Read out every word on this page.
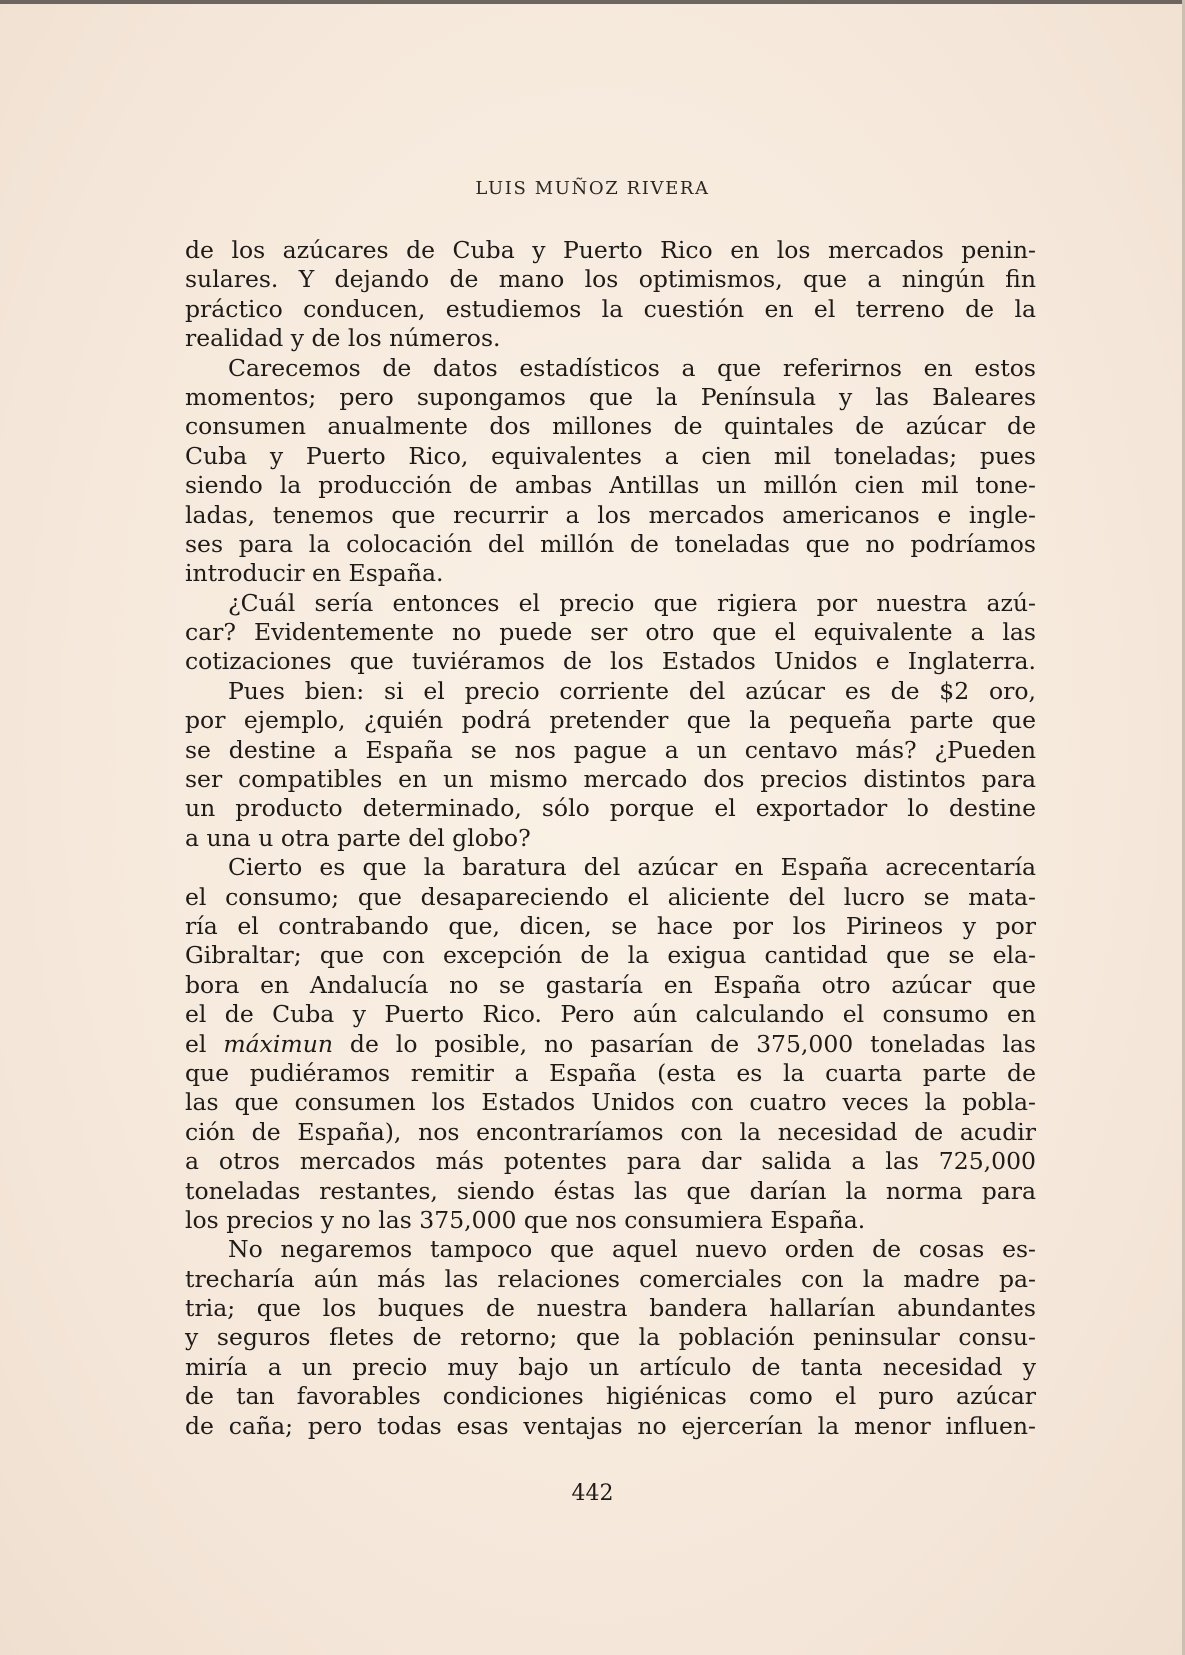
LUIS MUÑOZ RIVERA
de los azúcares de Cuba y Puerto Rico en los mercados penin-
sulares. Y dejando de mano los optimismos, que a ningún fin
práctico conducen, estudiemos la cuestión en el terreno de la
realidad y de los números.
Carecemos de datos estadísticos a que referirnos en estos
momentos; pero supongamos que la Península y las Baleares
consumen anualmente dos millones de quintales de azúcar de
Cuba y Puerto Rico, equivalentes a cien mil toneladas; pues
siendo la producción de ambas Antillas un millón cien mil tone-
ladas, tenemos que recurrir a los mercados americanos e ingle-
ses para la colocación del millón de toneladas que no podríamos
introducir en España.
¿Cuál sería entonces el precio que rigiera por nuestra azú-
car? Evidentemente no puede ser otro que el equivalente a las
cotizaciones que tuviéramos de los Estados Unidos e Inglaterra.
Pues bien: si el precio corriente del azúcar es de $2 oro,
por ejemplo, ¿quién podrá pretender que la pequeña parte que
se destine a España se nos pague a un centavo más? ¿Pueden
ser compatibles en un mismo mercado dos precios distintos para
un producto determinado, sólo porque el exportador lo destine
a una u otra parte del globo?
Cierto es que la baratura del azúcar en España acrecentaría
el consumo; que desapareciendo el aliciente del lucro se mata-
ría el contrabando que, dicen, se hace por los Pirineos y por
Gibraltar; que con excepción de la exigua cantidad que se ela-
bora en Andalucía no se gastaría en España otro azúcar que
el de Cuba y Puerto Rico. Pero aún calculando el consumo en
el máximun de lo posible, no pasarían de 375,000 toneladas las
que pudiéramos remitir a España (esta es la cuarta parte de
las que consumen los Estados Unidos con cuatro veces la pobla-
ción de España), nos encontraríamos con la necesidad de acudir
a otros mercados más potentes para dar salida a las 725,000
toneladas restantes, siendo éstas las que darían la norma para
los precios y no las 375,000 que nos consumiera España.
No negaremos tampoco que aquel nuevo orden de cosas es-
trecharía aún más las relaciones comerciales con la madre pa-
tria; que los buques de nuestra bandera hallarían abundantes
y seguros fletes de retorno; que la población peninsular consu-
miría a un precio muy bajo un artículo de tanta necesidad y
de tan favorables condiciones higiénicas como el puro azúcar
de caña; pero todas esas ventajas no ejercerían la menor influen-
442
